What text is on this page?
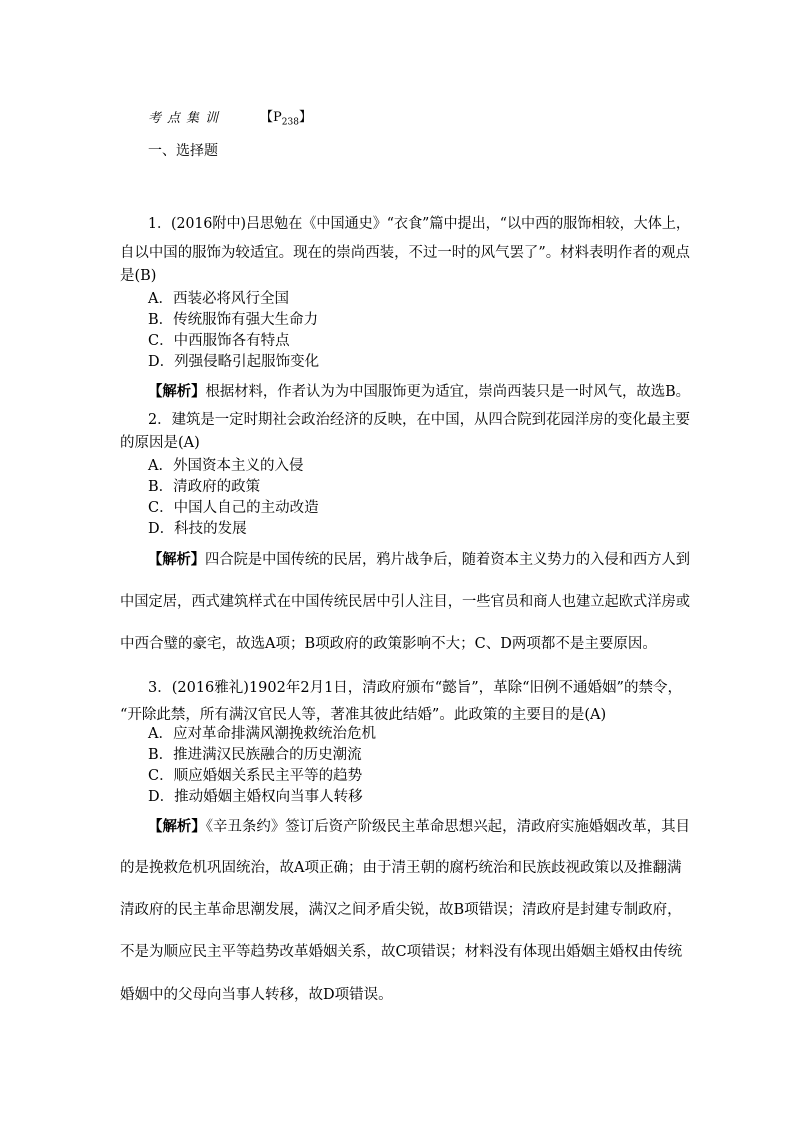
考点集训	【$P_{238}$】
一、选择题
1．(2016附中)吕思勉在《中国通史》“衣食”篇中提出，“以中西的服饰相较，大体上，
自以中国的服饰为较适宜。现在的崇尚西装，不过一时的风气罢了”。材料表明作者的观点
是(B)
A．西装必将风行全国
B．传统服饰有强大生命力
C．中西服饰各有特点
D．列强侵略引起服饰变化
【解析】根据材料，作者认为为中国服饰更为适宜，崇尚西装只是一时风气，故选B。
2．建筑是一定时期社会政治经济的反映，在中国，从四合院到花园洋房的变化最主要
的原因是(A)
A．外国资本主义的入侵
B．清政府的政策
C．中国人自己的主动改造
D．科技的发展
【解析】四合院是中国传统的民居，鸦片战争后，随着资本主义势力的入侵和西方人到
中国定居，西式建筑样式在中国传统民居中引人注目，一些官员和商人也建立起欧式洋房或
中西合璧的豪宅，故选A项；B项政府的政策影响不大；C、D两项都不是主要原因。
3．(2016雅礼)1902年2月1日，清政府颁布“懿旨”，革除“旧例不通婚姻”的禁令，
“开除此禁，所有满汉官民人等，著准其彼此结婚”。此政策的主要目的是(A)
A．应对革命排满风潮挽救统治危机
B．推进满汉民族融合的历史潮流
C．顺应婚姻关系民主平等的趋势
D．推动婚姻主婚权向当事人转移
【解析】《辛丑条约》签订后资产阶级民主革命思想兴起，清政府实施婚姻改革，其目
的是挽救危机巩固统治，故A项正确；由于清王朝的腐朽统治和民族歧视政策以及推翻满
清政府的民主革命思潮发展，满汉之间矛盾尖锐，故B项错误；清政府是封建专制政府，
不是为顺应民主平等趋势改革婚姻关系，故C项错误；材料没有体现出婚姻主婚权由传统
婚姻中的父母向当事人转移，故D项错误。
